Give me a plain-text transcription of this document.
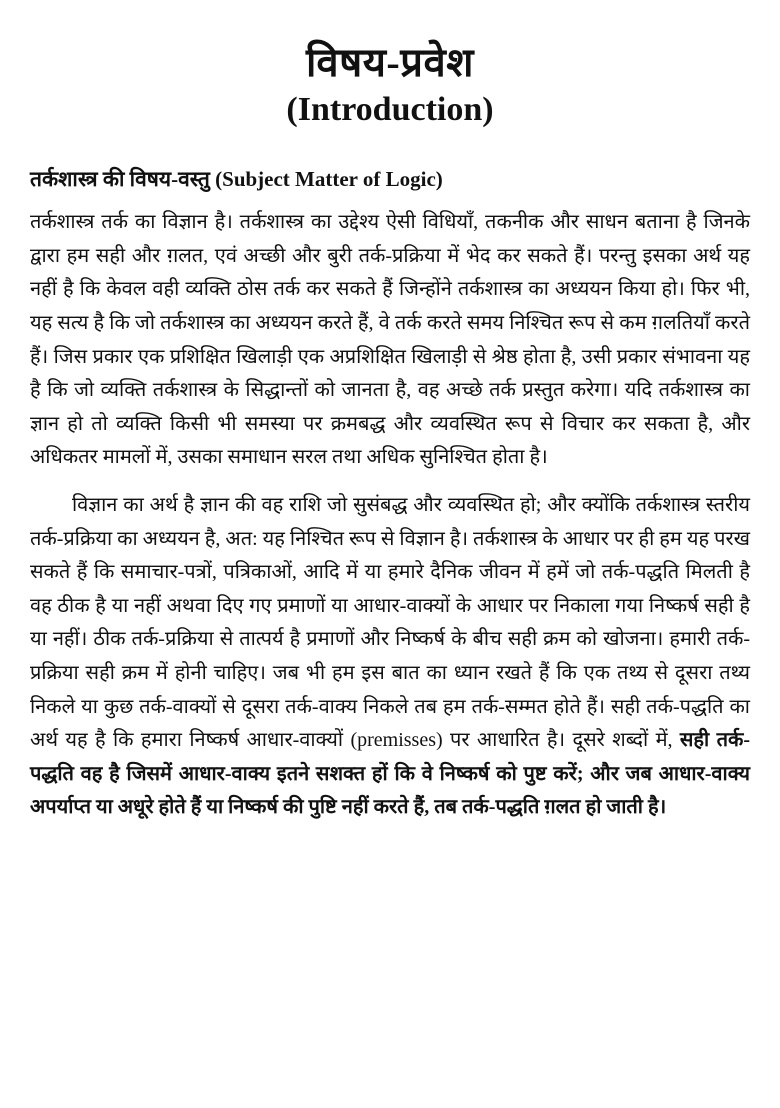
विषय-प्रवेश
(Introduction)
तर्कशास्त्र की विषय-वस्तु (Subject Matter of Logic)

तर्कशास्त्र तर्क का विज्ञान है। तर्कशास्त्र का उद्देश्य ऐसी विधियाँ, तकनीक और साधन बताना है जिनके द्वारा हम सही और ग़लत, एवं अच्छी और बुरी तर्क-प्रक्रिया में भेद कर सकते हैं। परन्तु इसका अर्थ यह नहीं है कि केवल वही व्यक्ति ठोस तर्क कर सकते हैं जिन्होंने तर्कशास्त्र का अध्ययन किया हो। फिर भी, यह सत्य है कि जो तर्कशास्त्र का अध्ययन करते हैं, वे तर्क करते समय निश्चित रूप से कम ग़लतियाँ करते हैं। जिस प्रकार एक प्रशिक्षित खिलाड़ी एक अप्रशिक्षित खिलाड़ी से श्रेष्ठ होता है, उसी प्रकार संभावना यह है कि जो व्यक्ति तर्कशास्त्र के सिद्धान्तों को जानता है, वह अच्छे तर्क प्रस्तुत करेगा। यदि तर्कशास्त्र का ज्ञान हो तो व्यक्ति किसी भी समस्या पर क्रमबद्ध और व्यवस्थित रूप से विचार कर सकता है, और अधिकतर मामलों में, उसका समाधान सरल तथा अधिक सुनिश्चित होता है।

विज्ञान का अर्थ है ज्ञान की वह राशि जो सुसंबद्ध और व्यवस्थित हो; और क्योंकि तर्कशास्त्र स्तरीय तर्क-प्रक्रिया का अध्ययन है, अत: यह निश्चित रूप से विज्ञान है। तर्कशास्त्र के आधार पर ही हम यह परख सकते हैं कि समाचार-पत्रों, पत्रिकाओं, आदि में या हमारे दैनिक जीवन में हमें जो तर्क-पद्धति मिलती है वह ठीक है या नहीं अथवा दिए गए प्रमाणों या आधार-वाक्यों के आधार पर निकाला गया निष्कर्ष सही है या नहीं। ठीक तर्क-प्रक्रिया से तात्पर्य है प्रमाणों और निष्कर्ष के बीच सही क्रम को खोजना। हमारी तर्क-प्रक्रिया सही क्रम में होनी चाहिए। जब भी हम इस बात का ध्यान रखते हैं कि एक तथ्य से दूसरा तथ्य निकले या कुछ तर्क-वाक्यों से दूसरा तर्क-वाक्य निकले तब हम तर्क-सम्मत होते हैं। सही तर्क-पद्धति का अर्थ यह है कि हमारा निष्कर्ष आधार-वाक्यों (premisses) पर आधारित है। दूसरे शब्दों में, सही तर्क-पद्धति वह है जिसमें आधार-वाक्य इतने सशक्त हों कि वे निष्कर्ष को पुष्ट करें; और जब आधार-वाक्य अपर्याप्त या अधूरे होते हैं या निष्कर्ष की पुष्टि नहीं करते हैं, तब तर्क-पद्धति ग़लत हो जाती है।
